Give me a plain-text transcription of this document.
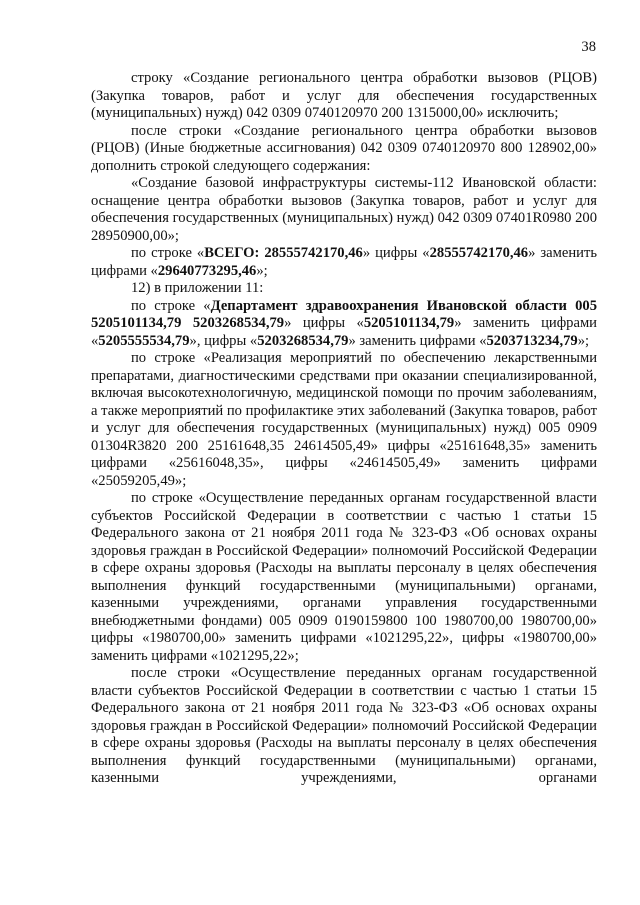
38

строку «Создание регионального центра обработки вызовов (РЦОВ) (Закупка товаров, работ и услуг для обеспечения государственных (муниципальных) нужд) 042 0309 0740120970 200 1315000,00» исключить;

после строки «Создание регионального центра обработки вызовов (РЦОВ) (Иные бюджетные ассигнования) 042 0309 0740120970 800 128902,00» дополнить строкой следующего содержания:

«Создание базовой инфраструктуры системы-112 Ивановской области: оснащение центра обработки вызовов (Закупка товаров, работ и услуг для обеспечения государственных (муниципальных) нужд) 042 0309 07401R0980 200 28950900,00»;

по строке «ВСЕГО: 28555742170,46» цифры «28555742170,46» заменить цифрами «29640773295,46»;

12) в приложении 11:

по строке «Департамент здравоохранения Ивановской области 005 5205101134,79 5203268534,79» цифры «5205101134,79» заменить цифрами «5205555534,79», цифры «5203268534,79» заменить цифрами «5203713234,79»;

по строке «Реализация мероприятий по обеспечению лекарственными препаратами, диагностическими средствами при оказании специализированной, включая высокотехнологичную, медицинской помощи по прочим заболеваниям, а также мероприятий по профилактике этих заболеваний (Закупка товаров, работ и услуг для обеспечения государственных (муниципальных) нужд) 005 0909 01304R3820 200 25161648,35 24614505,49» цифры «25161648,35» заменить цифрами «25616048,35», цифры «24614505,49» заменить цифрами «25059205,49»;

по строке «Осуществление переданных органам государственной власти субъектов Российской Федерации в соответствии с частью 1 статьи 15 Федерального закона от 21 ноября 2011 года № 323-ФЗ «Об основах охраны здоровья граждан в Российской Федерации» полномочий Российской Федерации в сфере охраны здоровья (Расходы на выплаты персоналу в целях обеспечения выполнения функций государственными (муниципальными) органами, казенными учреждениями, органами управления государственными внебюджетными фондами) 005 0909 0190159800 100 1980700,00 1980700,00» цифры «1980700,00» заменить цифрами «1021295,22», цифры «1980700,00» заменить цифрами «1021295,22»;

после строки «Осуществление переданных органам государственной власти субъектов Российской Федерации в соответствии с частью 1 статьи 15 Федерального закона от 21 ноября 2011 года № 323-ФЗ «Об основах охраны здоровья граждан в Российской Федерации» полномочий Российской Федерации в сфере охраны здоровья (Расходы на выплаты персоналу в целях обеспечения выполнения функций государственными (муниципальными) органами, казенными учреждениями, органами
